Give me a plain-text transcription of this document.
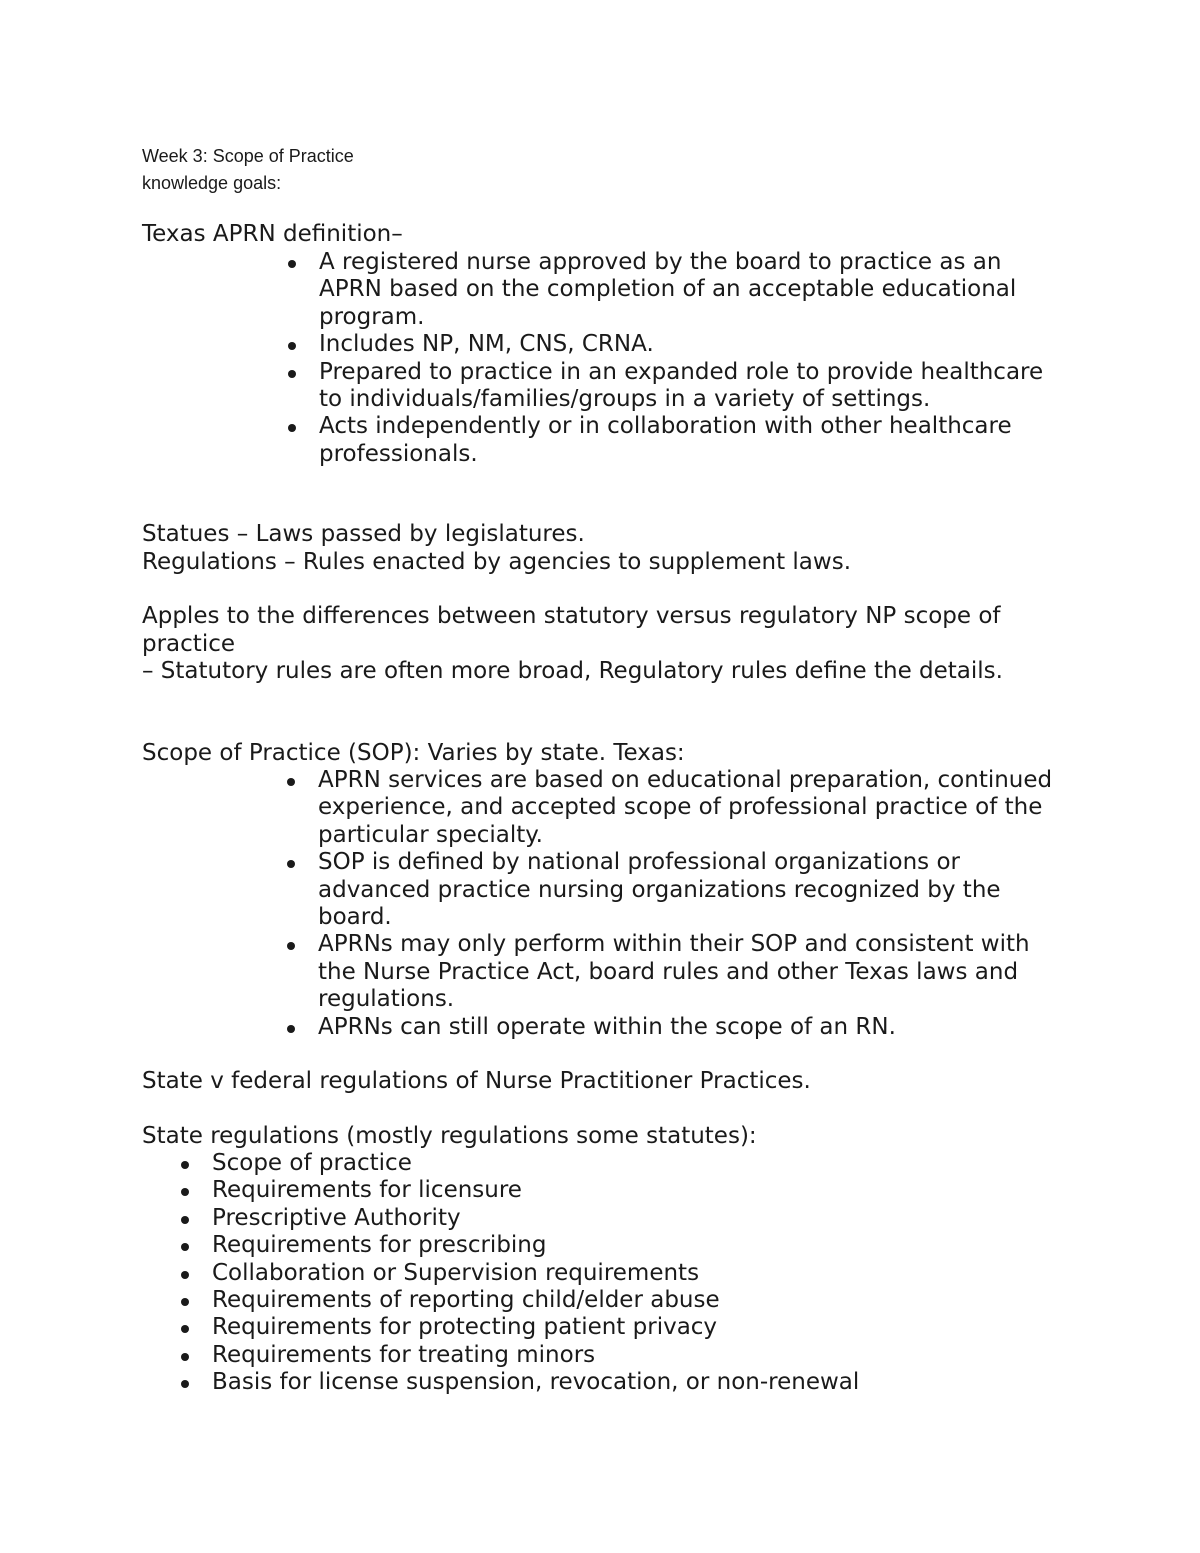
Week 3: Scope of Practice
knowledge goals:

Texas APRN definition–

A registered nurse approved by the board to practice as an APRN based on the completion of an acceptable educational program.
Includes NP, NM, CNS, CRNA.
Prepared to practice in an expanded role to provide healthcare to individuals/families/groups in a variety of settings.
Acts independently or in collaboration with other healthcare professionals.

Statues – Laws passed by legislatures.

Regulations – Rules enacted by agencies to supplement laws.

Apples to the differences between statutory versus regulatory NP scope of practice

– Statutory rules are often more broad, Regulatory rules define the details.

Scope of Practice (SOP): Varies by state. Texas:

APRN services are based on educational preparation, continued experience, and accepted scope of professional practice of the particular specialty.
SOP is defined by national professional organizations or advanced practice nursing organizations recognized by the board.
APRNs may only perform within their SOP and consistent with the Nurse Practice Act, board rules and other Texas laws and regulations.
APRNs can still operate within the scope of an RN.

State v federal regulations of Nurse Practitioner Practices.

State regulations (mostly regulations some statutes):

Scope of practice
Requirements for licensure
Prescriptive Authority
Requirements for prescribing
Collaboration or Supervision requirements
Requirements of reporting child/elder abuse
Requirements for protecting patient privacy
Requirements for treating minors
Basis for license suspension, revocation, or non-renewal
